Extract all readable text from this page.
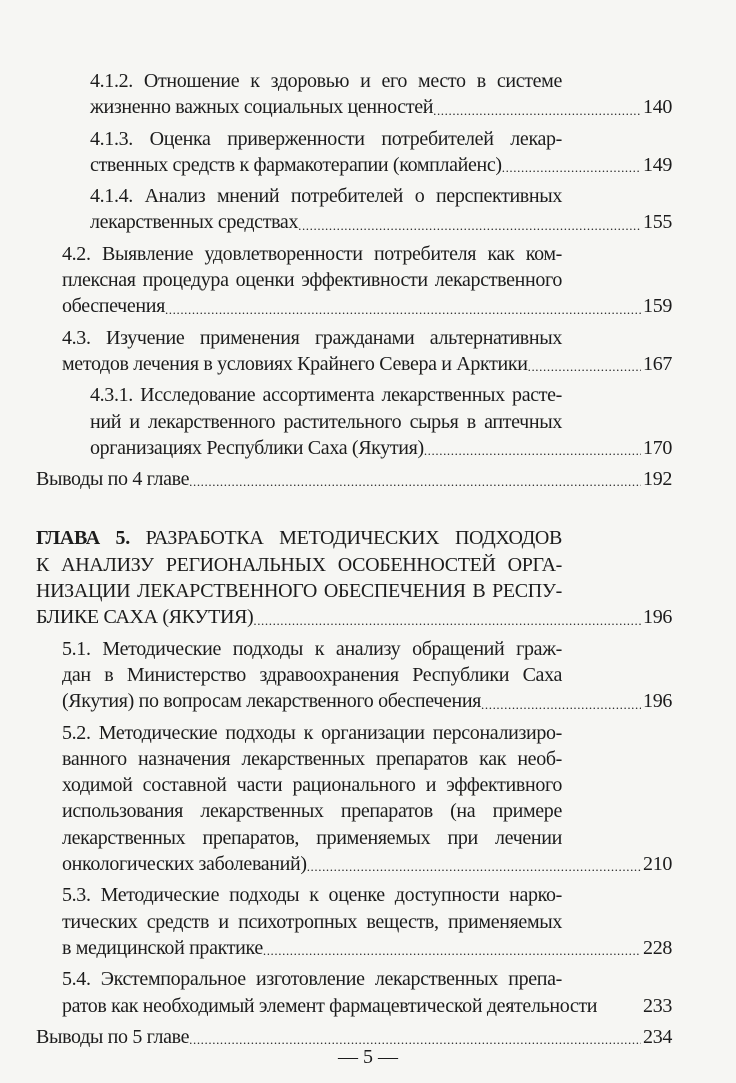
4.1.2. Отношение к здоровью и его место в системе
жизненно важных социальных ценностей .....	140
4.1.3. Оценка приверженности потребителей лекар-
ственных средств к фармакотерапии (комплайенс) .....	149
4.1.4. Анализ мнений потребителей о перспективных
лекарственных средствах .....	155
4.2. Выявление удовлетворенности потребителя как ком-
плексная процедура оценки эффективности лекарственного
обеспечения .....	159
4.3. Изучение применения гражданами альтернативных
методов лечения в условиях Крайнего Севера и Арктики .....	167
4.3.1. Исследование ассортимента лекарственных расте-
ний и лекарственного растительного сырья в аптечных
организациях Республики Саха (Якутия) .....	170
Выводы по 4 главе .....	192
ГЛАВА 5. РАЗРАБОТКА МЕТОДИЧЕСКИХ ПОДХОДОВ
К АНАЛИЗУ РЕГИОНАЛЬНЫХ ОСОБЕННОСТЕЙ ОРГА-
НИЗАЦИИ ЛЕКАРСТВЕННОГО ОБЕСПЕЧЕНИЯ В РЕСПУ-
БЛИКЕ САХА (ЯКУТИЯ) .....	196
5.1. Методические подходы к анализу обращений граж-
дан в Министерство здравоохранения Республики Саха
(Якутия) по вопросам лекарственного обеспечения .....	196
5.2. Методические подходы к организации персонализиро-
ванного назначения лекарственных препаратов как необ-
ходимой составной части рационального и эффективного
использования лекарственных препаратов (на примере
лекарственных препаратов, применяемых при лечении
онкологических заболеваний) .....	210
5.3. Методические подходы к оценке доступности нарко-
тических средств и психотропных веществ, применяемых
в медицинской практике .....	228
5.4. Экстемпоральное изготовление лекарственных препа-
ратов как необходимый элемент фармацевтической деятельности 233
Выводы по 5 главе .....	234
— 5 —
